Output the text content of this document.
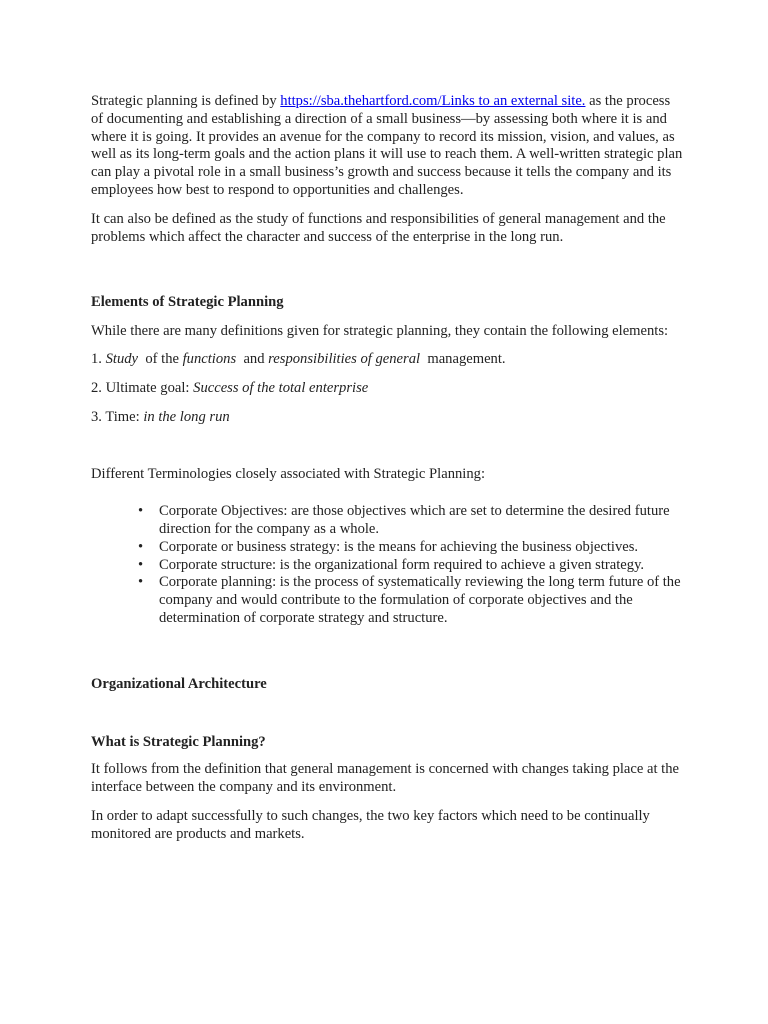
Strategic planning is defined by https://sba.thehartford.com/Links to an external site. as the process of documenting and establishing a direction of a small business—by assessing both where it is and where it is going. It provides an avenue for the company to record its mission, vision, and values, as well as its long-term goals and the action plans it will use to reach them. A well-written strategic plan can play a pivotal role in a small business’s growth and success because it tells the company and its employees how best to respond to opportunities and challenges.

It can also be defined as the study of functions and responsibilities of general management and the problems which affect the character and success of the enterprise in the long run.

Elements of Strategic Planning

While there are many definitions given for strategic planning, they contain the following elements:

1. Study  of the functions  and responsibilities of general  management.

2. Ultimate goal: Success of the total enterprise

3. Time: in the long run

Different Terminologies closely associated with Strategic Planning:

• Corporate Objectives: are those objectives which are set to determine the desired future direction for the company as a whole.
• Corporate or business strategy: is the means for achieving the business objectives.
• Corporate structure: is the organizational form required to achieve a given strategy.
• Corporate planning: is the process of systematically reviewing the long term future of the company and would contribute to the formulation of corporate objectives and the determination of corporate strategy and structure.

Organizational Architecture

What is Strategic Planning?

It follows from the definition that general management is concerned with changes taking place at the interface between the company and its environment.

In order to adapt successfully to such changes, the two key factors which need to be continually monitored are products and markets.
